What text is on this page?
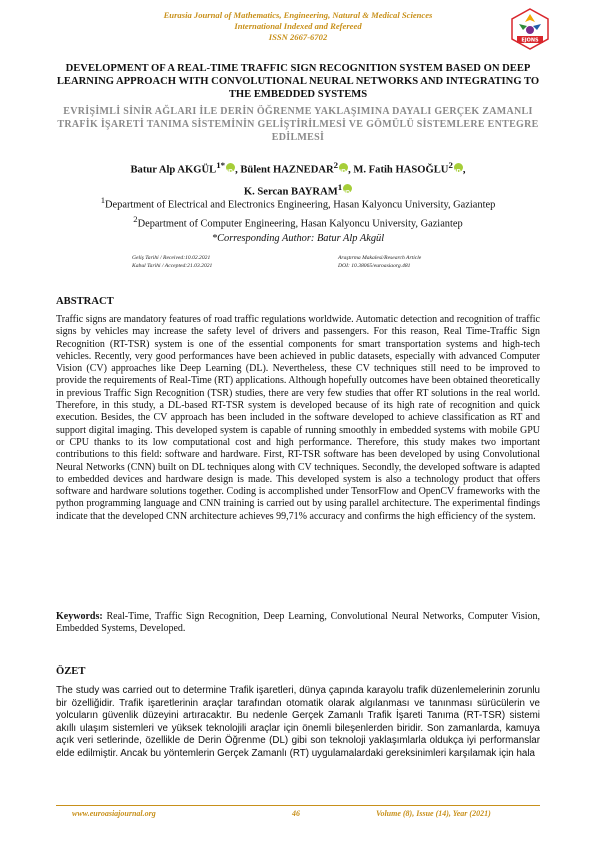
Eurasia Journal of Mathematics, Engineering, Natural & Medical Sciences
International Indexed and Refereed
ISSN 2667-6702	EJONS
DEVELOPMENT OF A REAL-TIME TRAFFIC SIGN RECOGNITION SYSTEM BASED ON DEEP LEARNING APPROACH WITH CONVOLUTIONAL NEURAL NETWORKS AND INTEGRATING TO THE EMBEDDED SYSTEMS
EVRİŞİMLİ SİNİR AĞLARI İLE DERİN ÖĞRENME YAKLAŞIMINA DAYALI GERÇEK ZAMANLI TRAFİK İŞARETİ TANIMA SİSTEMİNİN GELİŞTİRİLMESİ VE GÖMÜLÜ SİSTEMLERE ENTEGRE EDİLMESİ
Batur Alp $AKGÜL^{1*}iD$ , Bülent HAZNEDAR$^2$iD , M. Fatih HASOĞLU$^2$iD ,
K. Sercan BAYRAM$^1$iD
$^1$Department of Electrical and Electronics Engineering, Hasan Kalyoncu University, Gaziantep
$^2$Department of Computer Engineering, Hasan Kalyoncu University, Gaziantep
*Corresponding Author: Batur Alp Akgül
Geliş Tarihi / Received:10.02.2021
Kabul Tarihi / Accepted:21.03.2021
Araştırma Makalesi/Research Article
DOI: 10.38065/euroasiaorg.481
ABSTRACT
Traffic signs are mandatory features of road traffic regulations worldwide. Automatic detection and recognition of traffic signs by vehicles may increase the safety level of drivers and passengers. For this reason, Real Time-Traffic Sign Recognition (RT-TSR) system is one of the essential components for smart transportation systems and high-tech vehicles. Recently, very good performances have been achieved in public datasets, especially with advanced Computer Vision (CV) approaches like Deep Learning (DL). Nevertheless, these CV techniques still need to be improved to provide the requirements of Real-Time (RT) applications. Although hopefully outcomes have been obtained theoretically in previous Traffic Sign Recognition (TSR) studies, there are very few studies that offer RT solutions in the real world. Therefore, in this study, a DL-based RT-TSR system is developed because of its high rate of recognition and quick execution. Besides, the CV approach has been included in the software developed to achieve classification as RT and support digital imaging. This developed system is capable of running smoothly in embedded systems with mobile GPU or CPU thanks to its low computational cost and high performance. Therefore, this study makes two important contributions to this field: software and hardware. First, RT-TSR software has been developed by using Convolutional Neural Networks (CNN) built on DL techniques along with CV techniques. Secondly, the developed software is adapted to embedded devices and hardware design is made. This developed system is also a technology product that offers software and hardware solutions together. Coding is accomplished under TensorFlow and OpenCV frameworks with the python programming language and CNN training is carried out by using parallel architecture. The experimental findings indicate that the developed CNN architecture achieves 99,71% accuracy and confirms the high efficiency of the system.
Keywords: Real-Time, Traffic Sign Recognition, Deep Learning, Convolutional Neural Networks, Computer Vision, Embedded Systems, Developed.
ÖZET
The study was carried out to determine Trafik işaretleri, dünya çapında karayolu trafik düzenlemelerinin zorunlu bir özelliğidir. Trafik işaretlerinin araçlar tarafından otomatik olarak algılanması ve tanınması sürücülerin ve yolcuların güvenlik düzeyini artıracaktır. Bu nedenle Gerçek Zamanlı Trafik İşareti Tanıma (RT-TSR) sistemi akıllı ulaşım sistemleri ve yüksek teknolojili araçlar için önemli bileşenlerden biridir. Son zamanlarda, kamuya açık veri setlerinde, özellikle de Derin Öğrenme (DL) gibi son teknoloji yaklaşımlarla oldukça iyi performanslar elde edilmiştir. Ancak bu yöntemlerin Gerçek Zamanlı (RT) uygulamalardaki gereksinimleri karşılamak için hala
www.euroasiajournal.org	46	Volume (8), Issue (14), Year (2021)
